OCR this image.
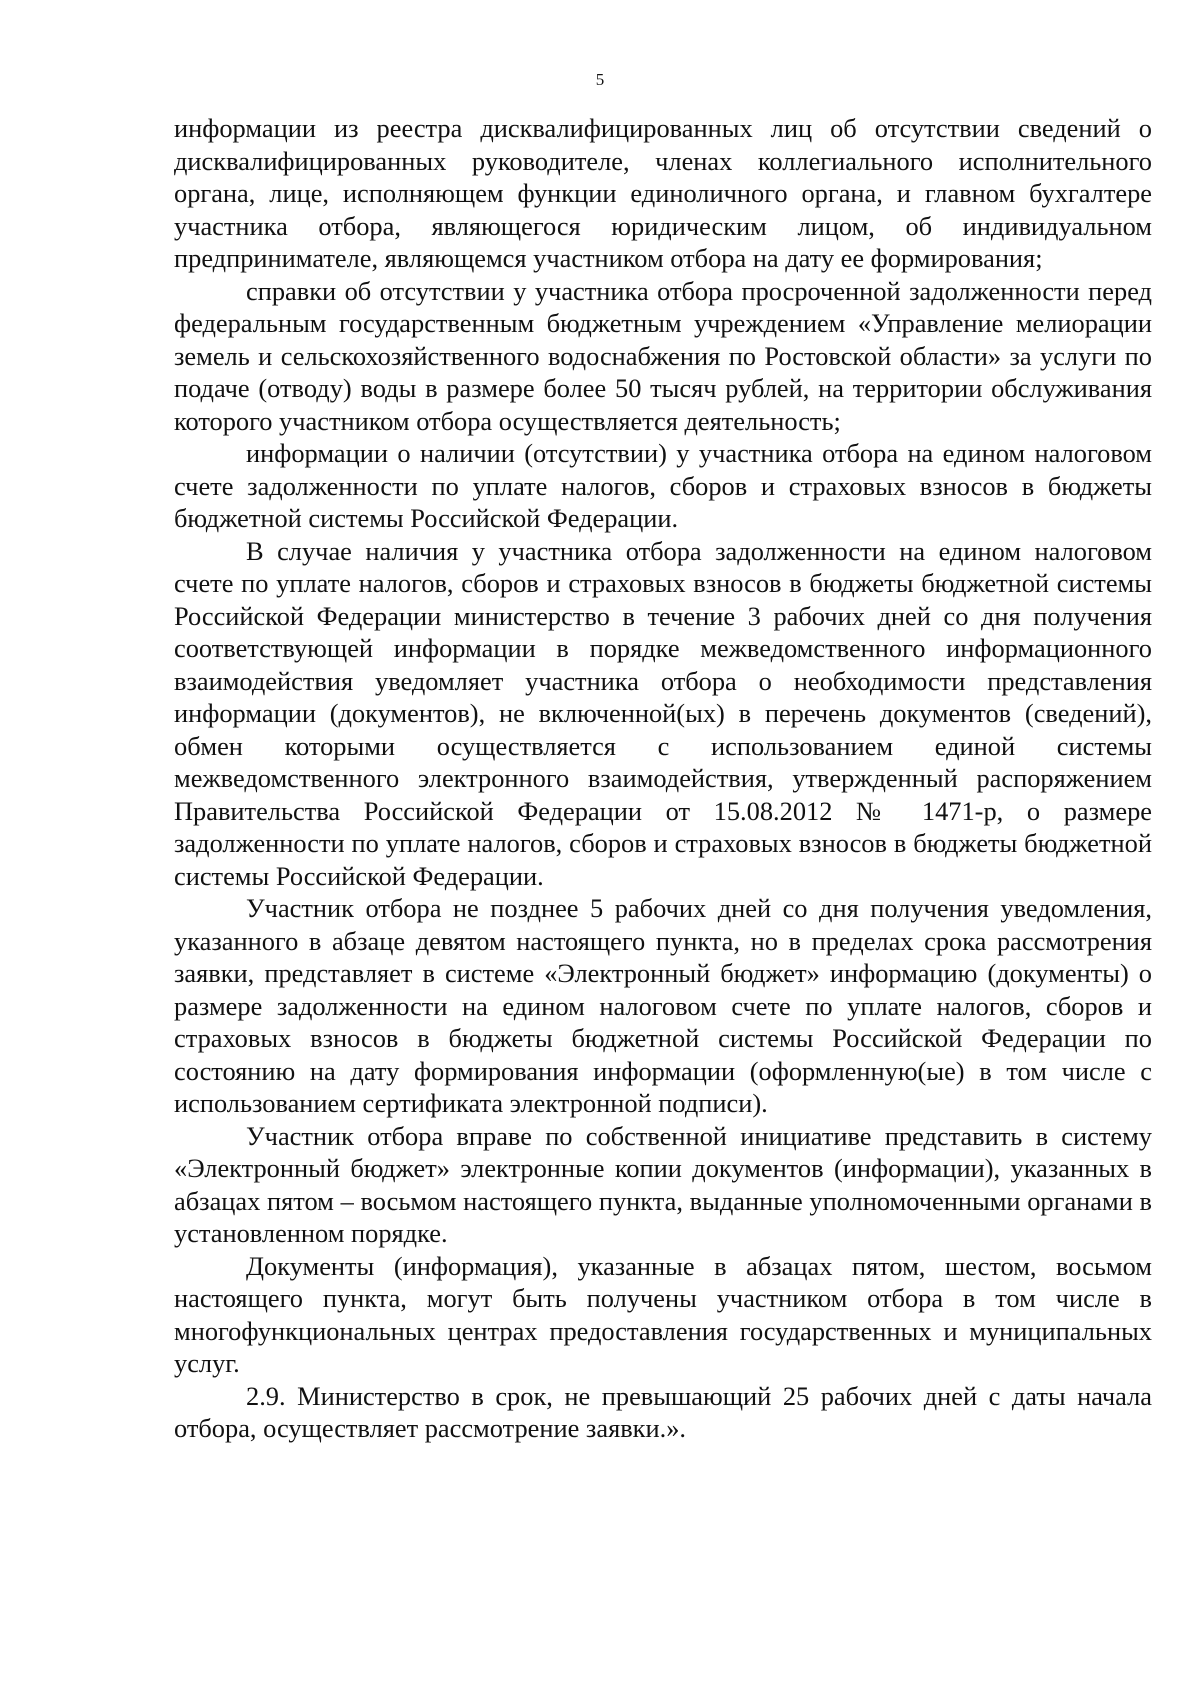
5

информации из реестра дисквалифицированных лиц об отсутствии сведений о дисквалифицированных руководителе, членах коллегиального исполнительного органа, лице, исполняющем функции единоличного органа, и главном бухгалтере участника отбора, являющегося юридическим лицом, об индивидуальном предпринимателе, являющемся участником отбора на дату ее формирования;

справки об отсутствии у участника отбора просроченной задолженности перед федеральным государственным бюджетным учреждением «Управление мелиорации земель и сельскохозяйственного водоснабжения по Ростовской области» за услуги по подаче (отводу) воды в размере более 50 тысяч рублей, на территории обслуживания которого участником отбора осуществляется деятельность;

информации о наличии (отсутствии) у участника отбора на едином налоговом счете задолженности по уплате налогов, сборов и страховых взносов в бюджеты бюджетной системы Российской Федерации.

В случае наличия у участника отбора задолженности на едином налоговом счете по уплате налогов, сборов и страховых взносов в бюджеты бюджетной системы Российской Федерации министерство в течение 3 рабочих дней со дня получения соответствующей информации в порядке межведомственного информационного взаимодействия уведомляет участника отбора о необходимости представления информации (документов), не включенной(ых) в перечень документов (сведений), обмен которыми осуществляется с использованием единой системы межведомственного электронного взаимодействия, утвержденный распоряжением Правительства Российской Федерации от 15.08.2012 № 1471-р, о размере задолженности по уплате налогов, сборов и страховых взносов в бюджеты бюджетной системы Российской Федерации.

Участник отбора не позднее 5 рабочих дней со дня получения уведомления, указанного в абзаце девятом настоящего пункта, но в пределах срока рассмотрения заявки, представляет в системе «Электронный бюджет» информацию (документы) о размере задолженности на едином налоговом счете по уплате налогов, сборов и страховых взносов в бюджеты бюджетной системы Российской Федерации по состоянию на дату формирования информации (оформленную(ые) в том числе с использованием сертификата электронной подписи).

Участник отбора вправе по собственной инициативе представить в систему «Электронный бюджет» электронные копии документов (информации), указанных в абзацах пятом – восьмом настоящего пункта, выданные уполномоченными органами в установленном порядке.

Документы (информация), указанные в абзацах пятом, шестом, восьмом настоящего пункта, могут быть получены участником отбора в том числе в многофункциональных центрах предоставления государственных и муниципальных услуг.

2.9. Министерство в срок, не превышающий 25 рабочих дней с даты начала отбора, осуществляет рассмотрение заявки.».
